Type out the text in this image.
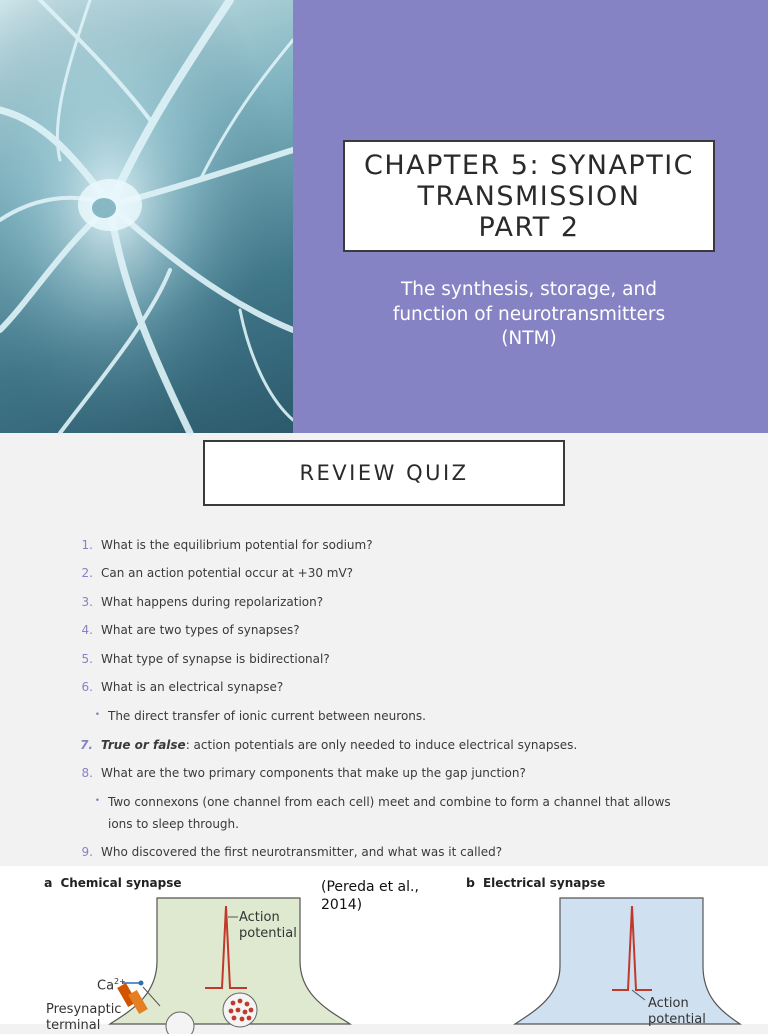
CHAPTER 5: SYNAPTIC
TRANSMISSION
PART 2
The synthesis, storage, and
function of neurotransmitters
(NTM)
REVIEW QUIZ
1. What is the equilibrium potential for sodium?
2. Can an action potential occur at +30 mV?
3. What happens during repolarization?
4. What are two types of synapses?
5. What type of synapse is bidirectional?
6. What is an electrical synapse?
• The direct transfer of ionic current between neurons.
7. True or false: action potentials are only needed to induce electrical synapses.
8. What are the two primary components that make up the gap junction?
• Two connexons (one channel from each cell) meet and combine to form a channel that allows
ions to sleep through.
9. Who discovered the first neurotransmitter, and what was it called?
a Chemical synapse	b Electrical synapse
(Pereda et al.,
2014)
Action
potential
$Ca^{2+}$
Presynaptic
terminal
Action
potential
